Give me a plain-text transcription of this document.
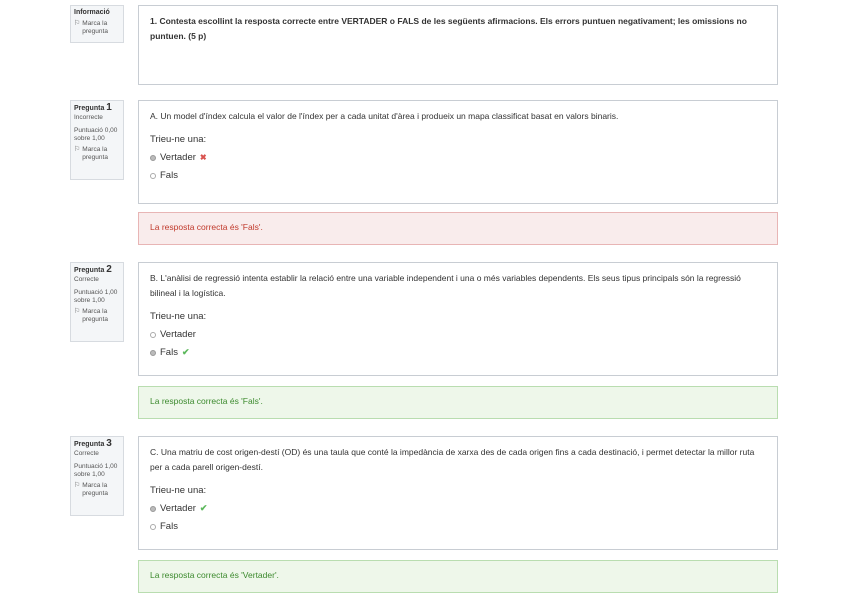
Informació
⚐ Marca la pregunta
1. Contesta escollint la resposta correcte entre VERTADER o FALS de les següents afirmacions. Els errors puntuen negativament; les omissions no puntuen. (5 p)
Pregunta 1
Incorrecte
Puntuació 0,00 sobre 1,00
⚐ Marca la pregunta
A. Un model d'índex calcula el valor de l'índex per a cada unitat d'àrea i produeix un mapa classificat basat en valors binaris.
Trieu-ne una:
Vertader ✖
Fals
La resposta correcta és 'Fals'.
Pregunta 2
Correcte
Puntuació 1,00 sobre 1,00
⚐ Marca la pregunta
B. L'anàlisi de regressió intenta establir la relació entre una variable independent i una o més variables dependents. Els seus tipus principals són la regressió bilineal i la logística.
Trieu-ne una:
Vertader
Fals ✔
La resposta correcta és 'Fals'.
Pregunta 3
Correcte
Puntuació 1,00 sobre 1,00
⚐ Marca la pregunta
C. Una matriu de cost origen-destí (OD) és una taula que conté la impedància de xarxa des de cada origen fins a cada destinació, i permet detectar la millor ruta per a cada parell origen-destí.
Trieu-ne una:
Vertader ✔
Fals
La resposta correcta és 'Vertader'.
